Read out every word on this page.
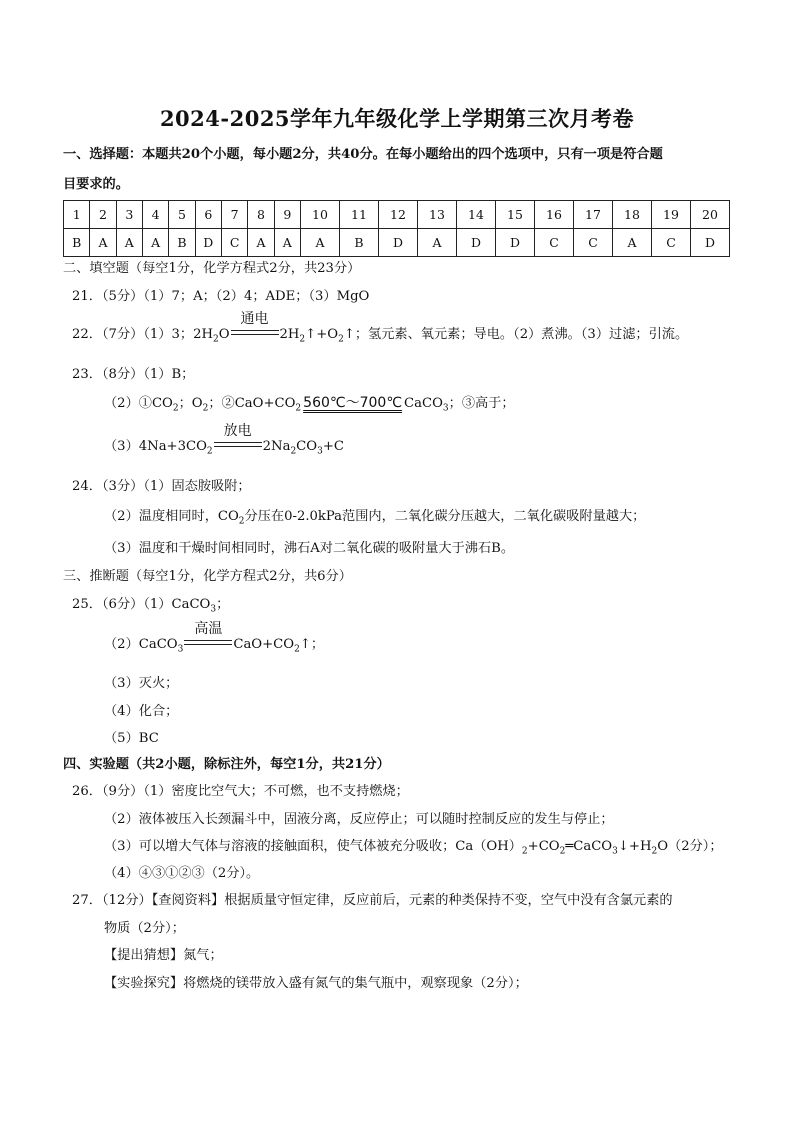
2024-2025学年九年级化学上学期第三次月考卷
一、选择题：本题共20个小题，每小题2分，共40分。在每小题给出的四个选项中，只有一项是符合题
目要求的。
1	2	3	4	5	6	7	8	9	10	11	12	13	14	15	16	17	18	19	20
B	A	A	A	B	D	C	A	A	A	B	D	A	D	D	C	C	A	C	D
二、填空题（每空1分，化学方程式2分，共23分）
21．（5分）（1）7；A；（2）4；ADE；（3）MgO
22．（7分）（1）3；$2H_2O$
通电
$2H_2↑+O_2↑$；氢元素、氧元素；导电。（2）煮沸。（3）过滤；引流。
23．（8分）（1）B；
$(2)①CO_2$；$O_2$；$②CaO+CO_2$ 560℃～700℃ CaCO$_3$；③高于；
$(3)4Na+3CO_2$
放电
$2Na_2CO_3+C$
24．（3分）（1）固态胺吸附；
（2）温度相同时，$CO_2$分压在0-2.0kPa范围内，二氧化碳分压越大，二氧化碳吸附量越大；
（3）温度和干燥时间相同时，沸石A对二氧化碳的吸附量大于沸石B。
三、推断题（每空1分，化学方程式2分，共6分）
25．（6分）（1）CaCO$_3$；
（2）CaCO$_3$
高温
$CaO+CO_2↑$；
（3）灭火；
（4）化合；
（5）BC
四、实验题（共2小题，除标注外，每空1分，共21分）
26．（9分）（1）密度比空气大；不可燃，也不支持燃烧；
（2）液体被压入长颈漏斗中，固液分离，反应停止；可以随时控制反应的发生与停止；
（3）可以增大气体与溶液的接触面积，使气体被充分吸收；$Ca(OH)_2+CO_2═CaCO_3↓+H_2O(2$分）；
（4）④③①②③（2分）。
27．（12分）【查阅资料】根据质量守恒定律，反应前后，元素的种类保持不变，空气中没有含氯元素的
物质（2分）；
【提出猜想】氮气；
【实验探究】将燃烧的镁带放入盛有氮气的集气瓶中，观察现象（2分）；
